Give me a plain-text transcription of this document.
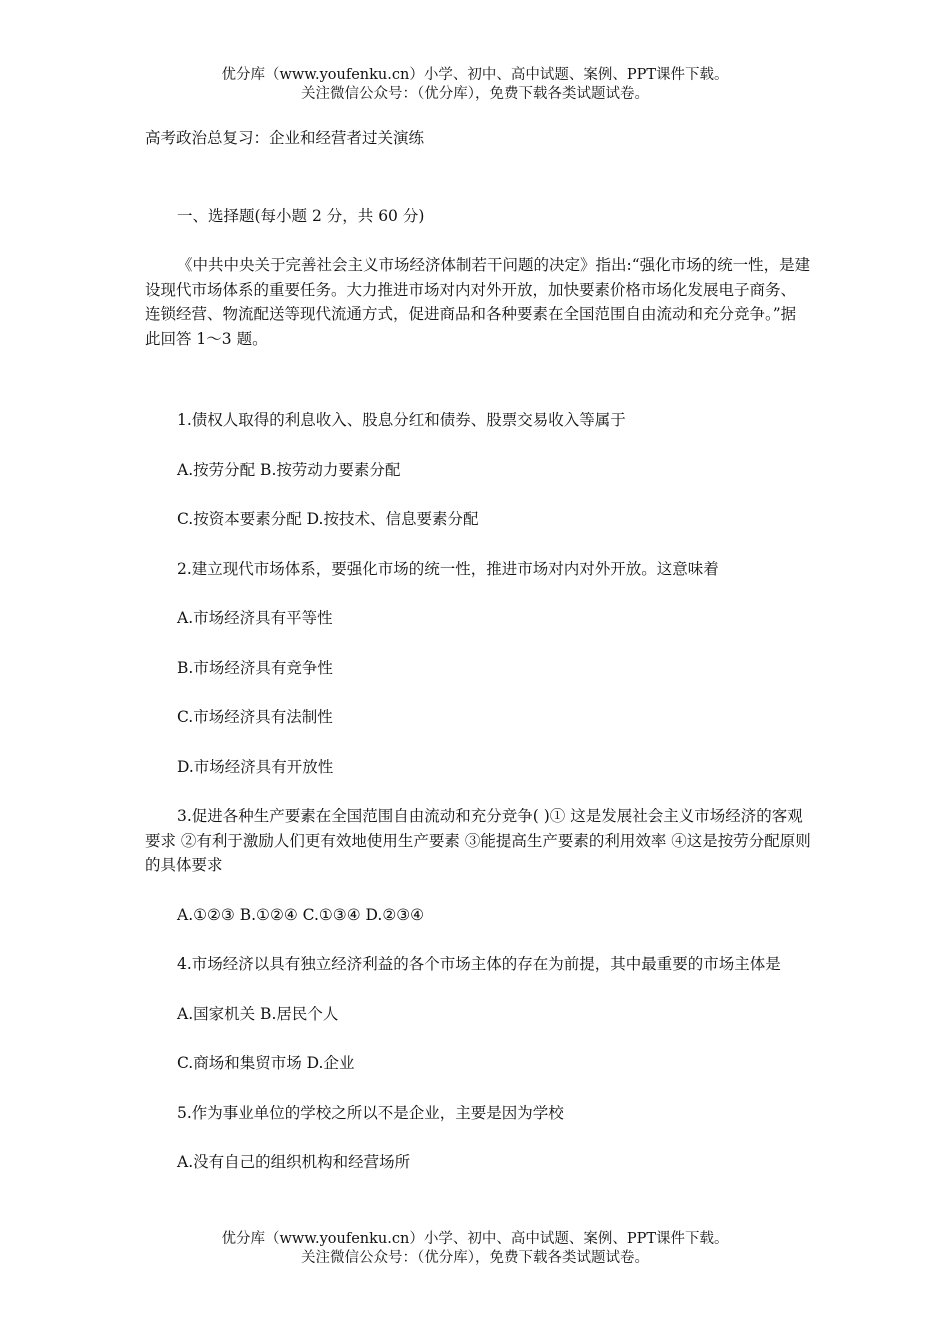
优分库（www.youfenku.cn）小学、初中、高中试题、案例、PPT课件下载。
关注微信公众号：（优分库），免费下载各类试题试卷。

高考政治总复习：企业和经营者过关演练

一、选择题(每小题 2 分，共 60 分)

《中共中央关于完善社会主义市场经济体制若干问题的决定》指出:“强化市场的统一性，是建设现代市场体系的重要任务。大力推进市场对内对外开放，加快要素价格市场化发展电子商务、连锁经营、物流配送等现代流通方式，促进商品和各种要素在全国范围自由流动和充分竞争。”据此回答 1～3 题。

1.债权人取得的利息收入、股息分红和债券、股票交易收入等属于

A.按劳分配 B.按劳动力要素分配

C.按资本要素分配 D.按技术、信息要素分配

2.建立现代市场体系，要强化市场的统一性，推进市场对内对外开放。这意味着

A.市场经济具有平等性

B.市场经济具有竞争性

C.市场经济具有法制性

D.市场经济具有开放性

3.促进各种生产要素在全国范围自由流动和充分竞争( )① 这是发展社会主义市场经济的客观要求 ②有利于激励人们更有效地使用生产要素 ③能提高生产要素的利用效率 ④这是按劳分配原则的具体要求

A.①②③ B.①②④ C.①③④ D.②③④

4.市场经济以具有独立经济利益的各个市场主体的存在为前提，其中最重要的市场主体是

A.国家机关 B.居民个人

C.商场和集贸市场 D.企业

5.作为事业单位的学校之所以不是企业，主要是因为学校

A.没有自己的组织机构和经营场所

优分库（www.youfenku.cn）小学、初中、高中试题、案例、PPT课件下载。
关注微信公众号：（优分库），免费下载各类试题试卷。
